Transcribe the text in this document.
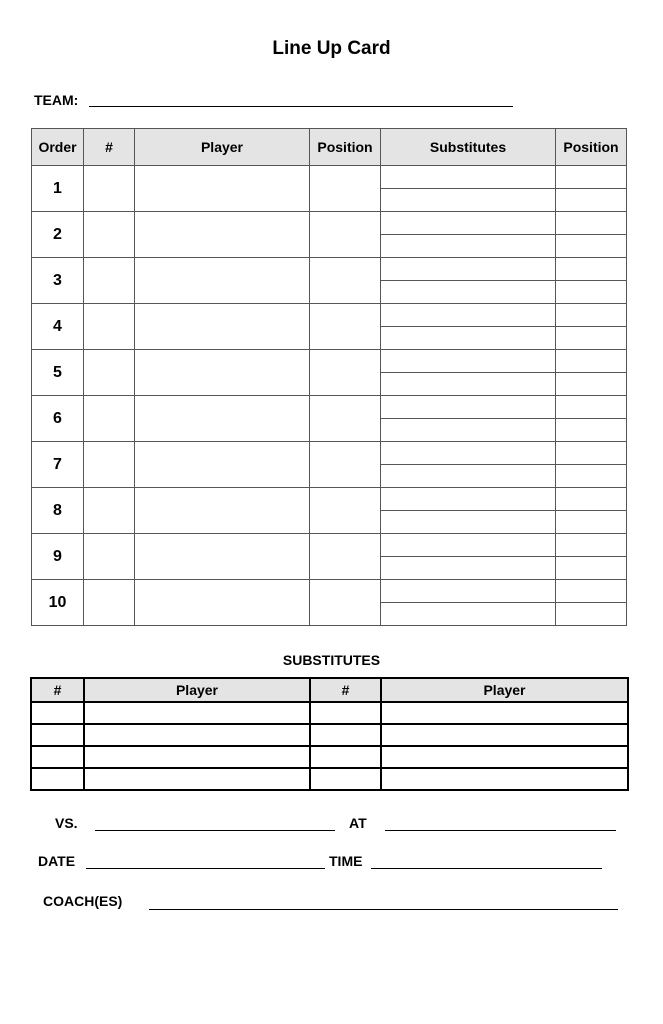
Line Up Card
TEAM:
Order	#	Player	Position	Substitutes	Position
1					

2					

3					

4					

5					

6					

7					

8					

9					

10					

SUBSTITUTES
#	Player	#	Player

VS.	AT
DATE	TIME
COACH(ES)
